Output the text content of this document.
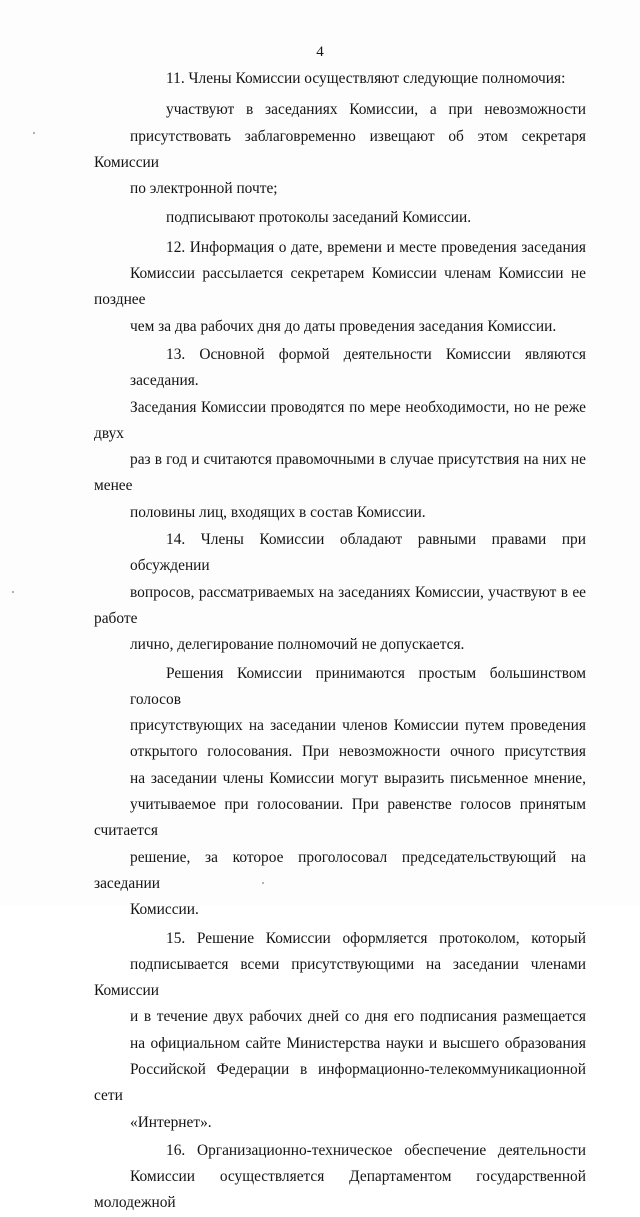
4

11. Члены Комиссии осуществляют следующие полномочия:

участвуют в заседаниях Комиссии, а при невозможности
присутствовать заблаговременно извещают об этом секретаря Комиссии
по электронной почте;

подписывают протоколы заседаний Комиссии.

12. Информация о дате, времени и месте проведения заседания
Комиссии рассылается секретарем Комиссии членам Комиссии не позднее
чем за два рабочих дня до даты проведения заседания Комиссии.

13. Основной формой деятельности Комиссии являются заседания.
Заседания Комиссии проводятся по мере необходимости, но не реже двух
раз в год и считаются правомочными в случае присутствия на них не менее
половины лиц, входящих в состав Комиссии.

14. Члены Комиссии обладают равными правами при обсуждении
вопросов, рассматриваемых на заседаниях Комиссии, участвуют в ее работе
лично, делегирование полномочий не допускается.

Решения Комиссии принимаются простым большинством голосов
присутствующих на заседании членов Комиссии путем проведения
открытого голосования. При невозможности очного присутствия
на заседании члены Комиссии могут выразить письменное мнение,
учитываемое при голосовании. При равенстве голосов принятым считается
решение, за которое проголосовал председательствующий на заседании
Комиссии.

15. Решение Комиссии оформляется протоколом, который
подписывается всеми присутствующими на заседании членами Комиссии
и в течение двух рабочих дней со дня его подписания размещается
на официальном сайте Министерства науки и высшего образования
Российской Федерации в информационно-телекоммуникационной сети
«Интернет».

16. Организационно-техническое обеспечение деятельности
Комиссии осуществляется Департаментом государственной молодежной
